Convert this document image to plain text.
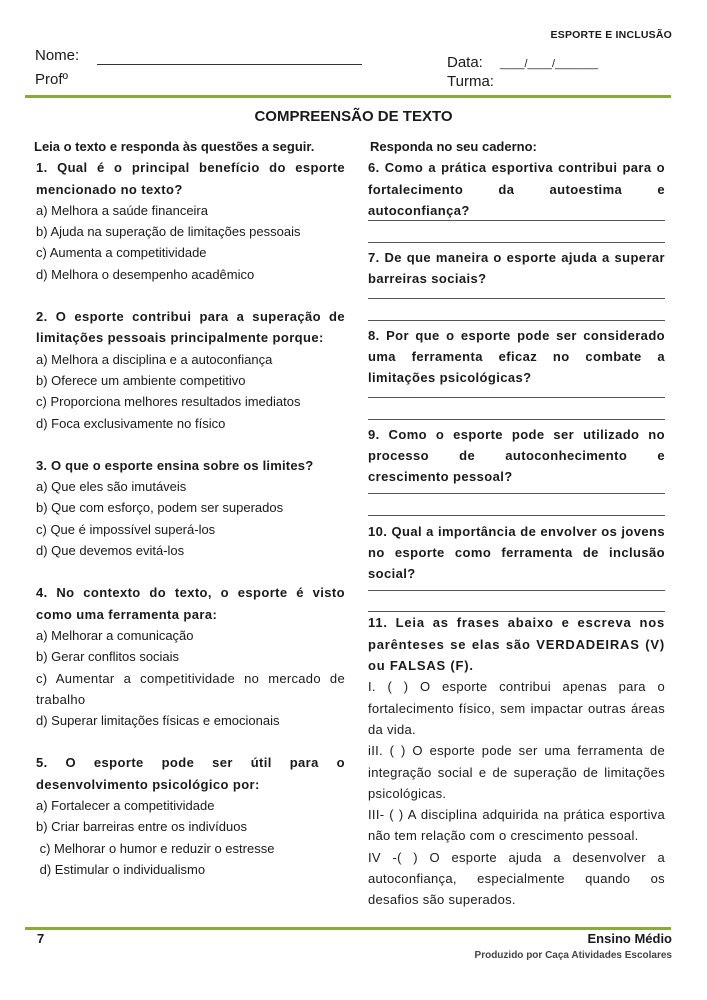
ESPORTE E INCLUSÃO
Nome:
Profº
Data: ____/____/_______
Turma:
COMPREENSÃO DE TEXTO

Leia o texto e responda às questões a seguir.

1. Qual é o principal benefício do esporte mencionado no texto?

a) Melhora a saúde financeira

b) Ajuda na superação de limitações pessoais

c) Aumenta a competitividade

d) Melhora o desempenho acadêmico

2. O esporte contribui para a superação de limitações pessoais principalmente porque:

a) Melhora a disciplina e a autoconfiança

b) Oferece um ambiente competitivo

c) Proporciona melhores resultados imediatos

d) Foca exclusivamente no físico

3. O que o esporte ensina sobre os limites?

a) Que eles são imutáveis

b) Que com esforço, podem ser superados

c) Que é impossível superá-los

d) Que devemos evitá-los

4. No contexto do texto, o esporte é visto como uma ferramenta para:

a) Melhorar a comunicação

b) Gerar conflitos sociais

c) Aumentar a competitividade no mercado de trabalho

d) Superar limitações físicas e emocionais

5. O esporte pode ser útil para o desenvolvimento psicológico por:

a) Fortalecer a competitividade

b) Criar barreiras entre os indivíduos

c) Melhorar o humor e reduzir o estresse

d) Estimular o individualismo

Responda no seu caderno:

6. Como a prática esportiva contribui para o fortalecimento da autoestima e autoconfiança?

7. De que maneira o esporte ajuda a superar barreiras sociais?

8. Por que o esporte pode ser considerado uma ferramenta eficaz no combate a limitações psicológicas?

9. Como o esporte pode ser utilizado no processo de autoconhecimento e crescimento pessoal?

10. Qual a importância de envolver os jovens no esporte como ferramenta de inclusão social?

11. Leia as frases abaixo e escreva nos parênteses se elas são VERDADEIRAS (V) ou FALSAS (F).

I. ( ) O esporte contribui apenas para o fortalecimento físico, sem impactar outras áreas da vida.

iII. ( ) O esporte pode ser uma ferramenta de integração social e de superação de limitações psicológicas.

III- ( ) A disciplina adquirida na prática esportiva não tem relação com o crescimento pessoal.

IV -( ) O esporte ajuda a desenvolver a autoconfiança, especialmente quando os desafios são superados.

7	Ensino Médio
Produzido por Caça Atividades Escolares
